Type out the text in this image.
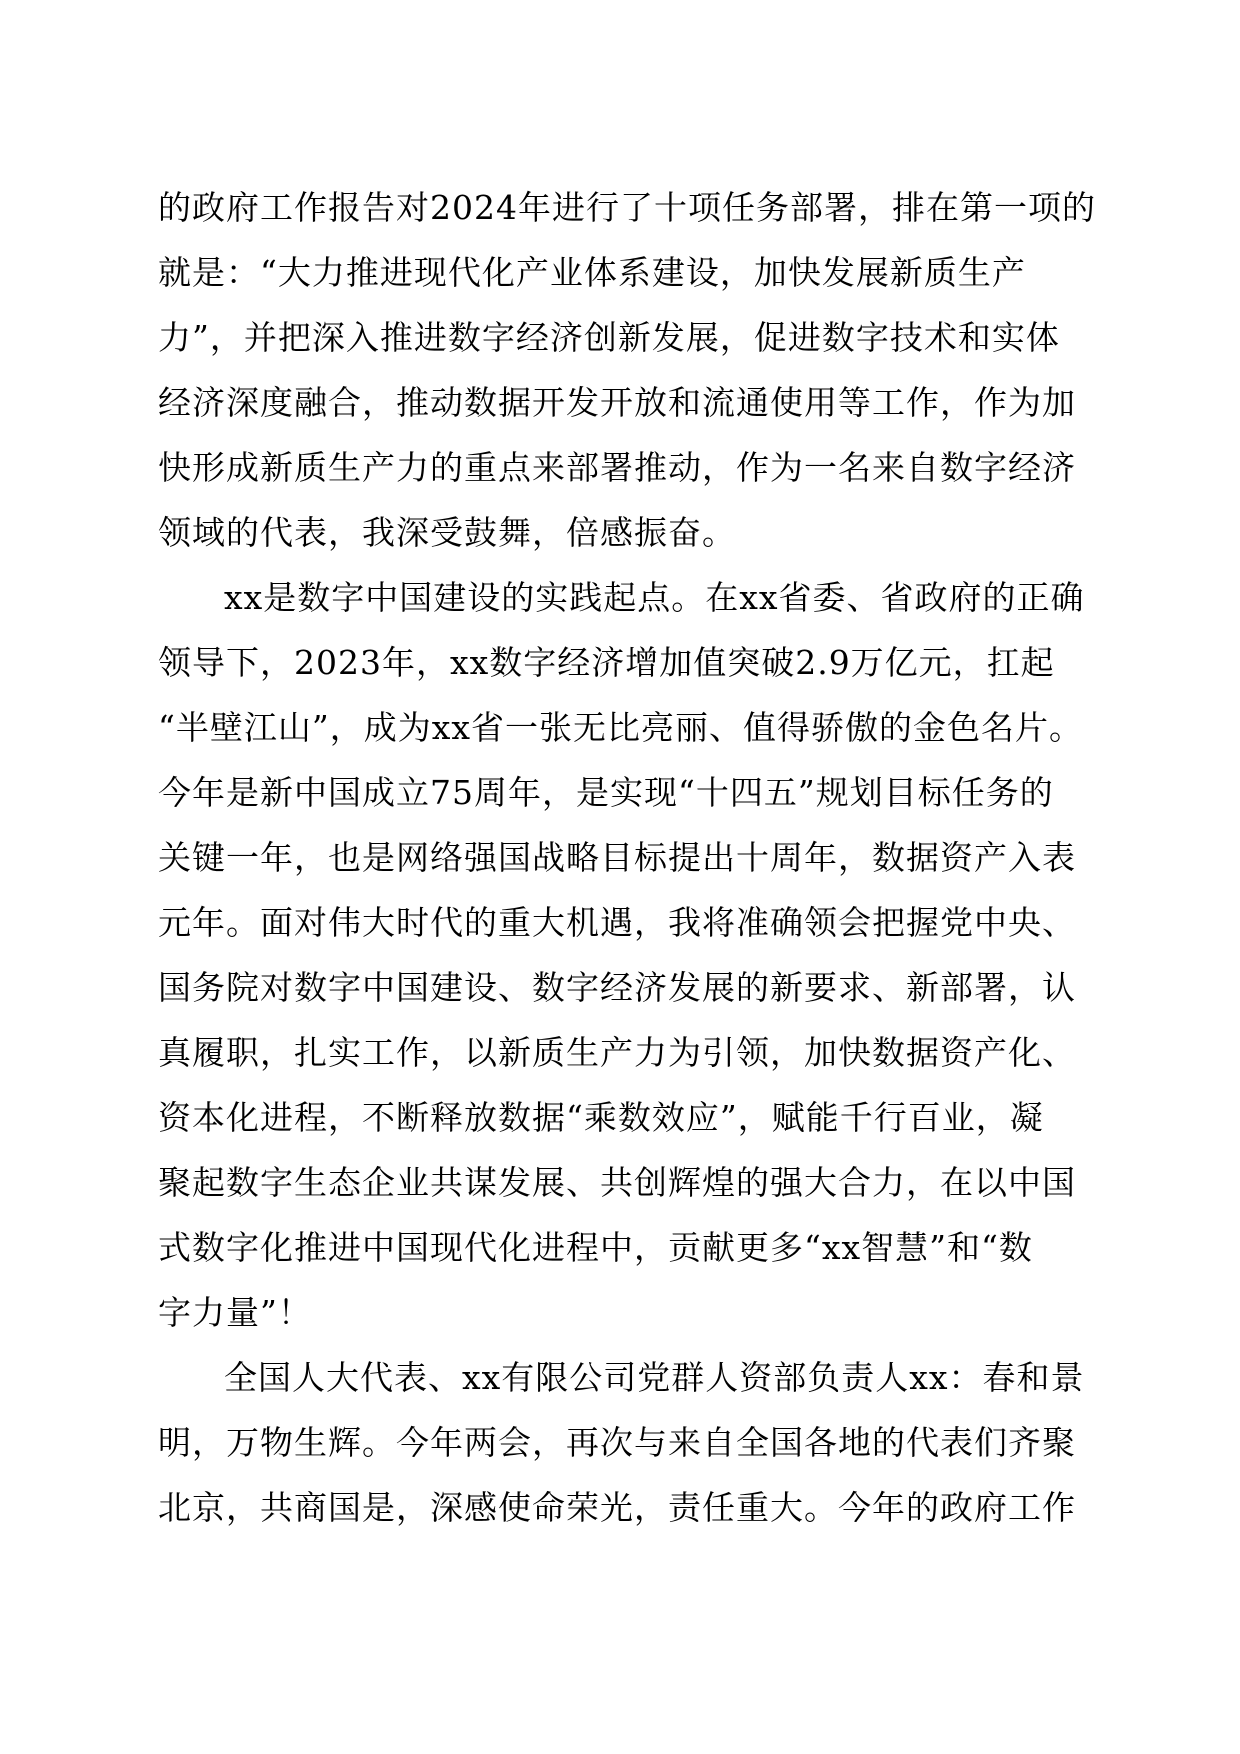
的政府工作报告对2024年进行了十项任务部署，排在第一项的
就是：“大力推进现代化产业体系建设，加快发展新质生产
力”，并把深入推进数字经济创新发展，促进数字技术和实体
经济深度融合，推动数据开发开放和流通使用等工作，作为加
快形成新质生产力的重点来部署推动，作为一名来自数字经济
领域的代表，我深受鼓舞，倍感振奋。
xx是数字中国建设的实践起点。在xx省委、省政府的正确
领导下，2023年，xx数字经济增加值突破2.9万亿元，扛起
“半壁江山”，成为xx省一张无比亮丽、值得骄傲的金色名片。
今年是新中国成立75周年，是实现“十四五”规划目标任务的
关键一年，也是网络强国战略目标提出十周年，数据资产入表
元年。面对伟大时代的重大机遇，我将准确领会把握党中央、
国务院对数字中国建设、数字经济发展的新要求、新部署，认
真履职，扎实工作，以新质生产力为引领，加快数据资产化、
资本化进程，不断释放数据“乘数效应”，赋能千行百业，凝
聚起数字生态企业共谋发展、共创辉煌的强大合力，在以中国
式数字化推进中国现代化进程中，贡献更多“xx智慧”和“数
字力量”！
全国人大代表、xx有限公司党群人资部负责人xx：春和景
明，万物生辉。今年两会，再次与来自全国各地的代表们齐聚
北京，共商国是，深感使命荣光，责任重大。今年的政府工作
